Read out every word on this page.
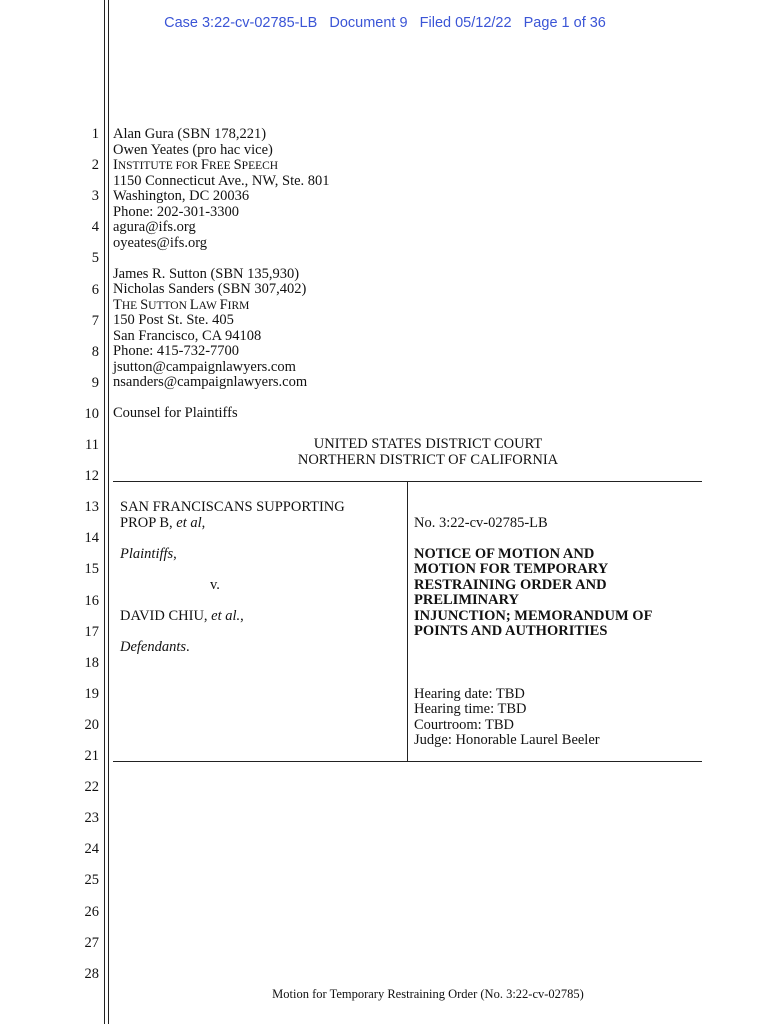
Case 3:22-cv-02785-LB Document 9 Filed 05/12/22 Page 1 of 36
1
2
3
4
5
6
7
8
9
10
11
12
13
14
15
16
17
18
19
20
21
22
23
24
25
26
27
28
Alan Gura (SBN 178,221)
Owen Yeates (pro hac vice)
INSTITUTE FOR FREE SPEECH
1150 Connecticut Ave., NW, Ste. 801
Washington, DC 20036
Phone: 202-301-3300
agura@ifs.org
oyeates@ifs.org
James R. Sutton (SBN 135,930)
Nicholas Sanders (SBN 307,402)
THE SUTTON LAW FIRM
150 Post St. Ste. 405
San Francisco, CA 94108
Phone: 415-732-7700
jsutton@campaignlawyers.com
nsanders@campaignlawyers.com
Counsel for Plaintiffs
UNITED STATES DISTRICT COURT
NORTHERN DISTRICT OF CALIFORNIA
SAN FRANCISCANS SUPPORTING
PROP B, et al,
Plaintiffs,
v.
DAVID CHIU, et al.,
Defendants.
No. 3:22-cv-02785-LB
NOTICE OF MOTION AND
MOTION FOR TEMPORARY
RESTRAINING ORDER AND
PRELIMINARY
INJUNCTION; MEMORANDUM OF
POINTS AND AUTHORITIES
Hearing date: TBD
Hearing time: TBD
Courtroom: TBD
Judge: Honorable Laurel Beeler
Motion for Temporary Restraining Order (No. 3:22-cv-02785)
